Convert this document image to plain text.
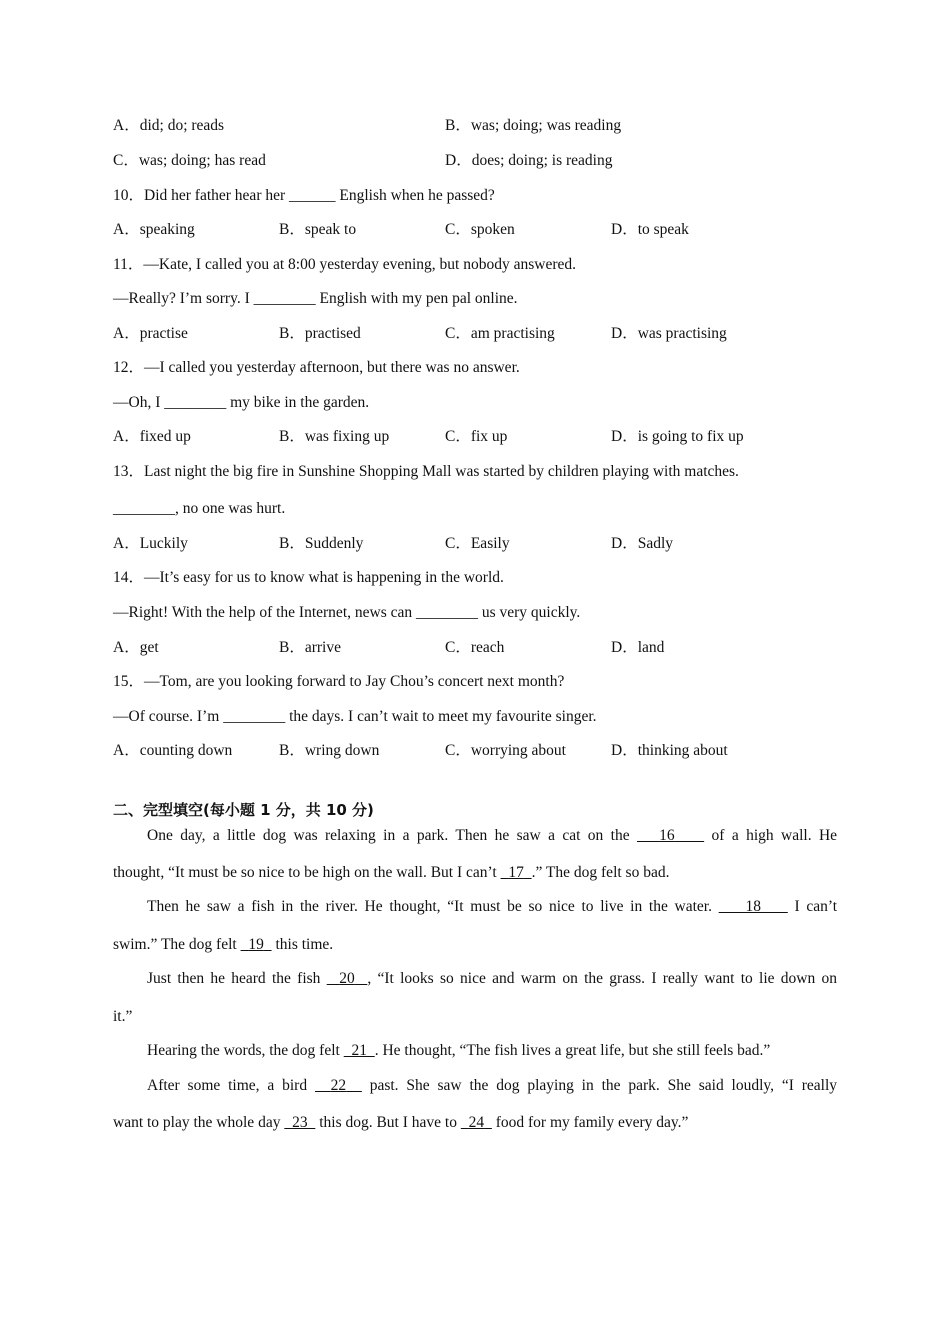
A．did; do; reads	B．was; doing; was reading
C．was; doing; has read	D．does; doing; is reading
10．Did her father hear her ______ English when he passed?
A．speaking	B．speak to	C．spoken	D．to speak
11．—Kate, I called you at 8:00 yesterday evening, but nobody answered.
—Really? I’m sorry. I ________ English with my pen pal online.
A．practise	B．practised	C．am practising	D．was practising
12．—I called you yesterday afternoon, but there was no answer.
—Oh, I ________ my bike in the garden.
A．fixed up	B．was fixing up	C．fix up	D．is going to fix up
13．Last night the big fire in Sunshine Shopping Mall was started by children playing with matches.
________, no one was hurt.
A．Luckily	B．Suddenly	C．Easily	D．Sadly
14．—It’s easy for us to know what is happening in the world.
—Right! With the help of the Internet, news can ________ us very quickly.
A．get	B．arrive	C．reach	D．land
15．—Tom, are you looking forward to Jay Chou’s concert next month?
—Of course. I’m ________ the days. I can’t wait to meet my favourite singer.
A．counting down	B．wring down	C．worrying about	D．thinking about
二、完型填空(每小题 1 分，共 10 分)
One day, a little dog was relaxing in a park. Then he saw a cat on the 16 of a high wall. He
thought, “It must be so nice to be high on the wall. But I can’t 17 .” The dog felt so bad.
Then he saw a fish in the river. He thought, “It must be so nice to live in the water. 18 I can’t
swim.” The dog felt 19 this time.
Just then he heard the fish 20 , “It looks so nice and warm on the grass. I really want to lie down on
it.”
Hearing the words, the dog felt 21 . He thought, “The fish lives a great life, but she still feels bad.”
After some time, a bird 22 past. She saw the dog playing in the park. She said loudly, “I really
want to play the whole day 23 this dog. But I have to 24 food for my family every day.”
